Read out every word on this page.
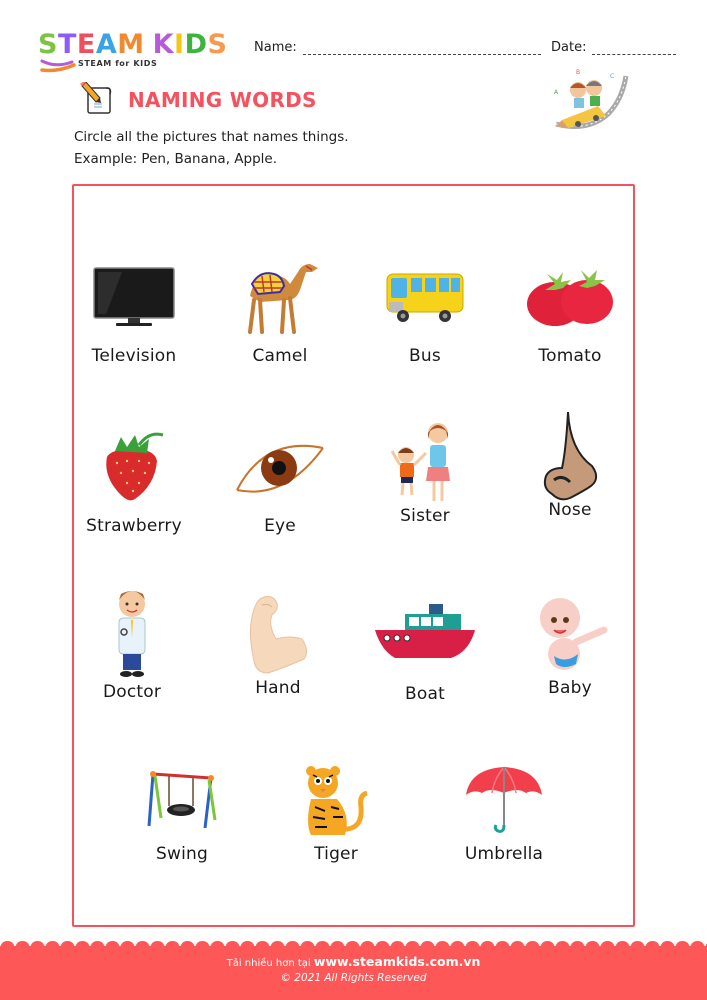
STEAM KIDS
STEAM for KIDS
Name:	Date:
B
C
A
NAMING WORDS
Circle all the pictures that names things.
Example: Pen, Banana, Apple.
Television	Camel	Bus	Tomato
Strawberry	Eye	Sister	Nose
Doctor	Hand	Boat	Baby
Swing	Tiger	Umbrella
Tải nhiều hơn tại www.steamkids.com.vn
© 2021 All Rights Reserved
